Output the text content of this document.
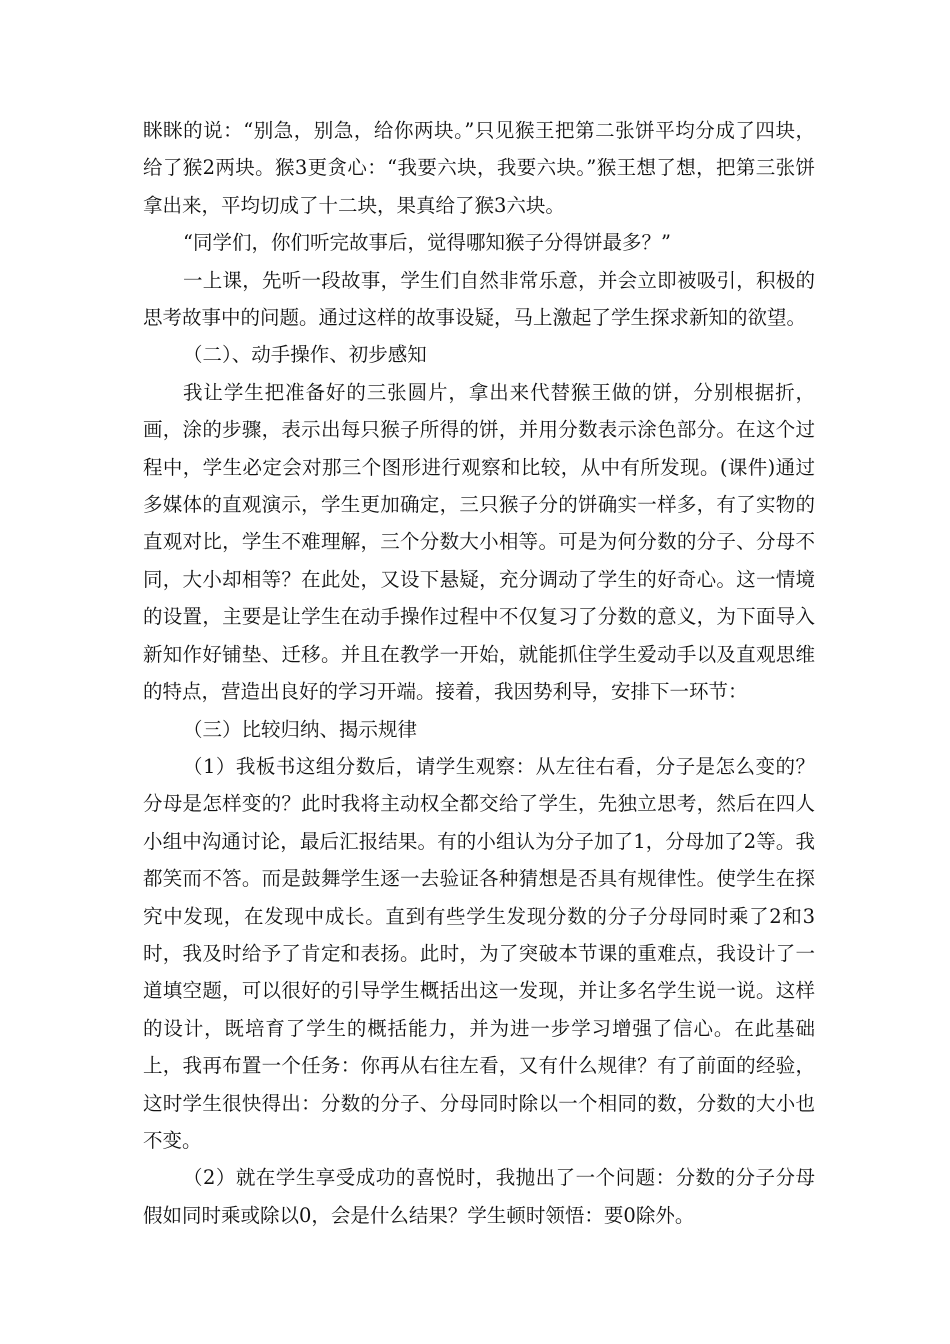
眯眯的说：“别急，别急，给你两块。”只见猴王把第二张饼平均分成了四块，给了猴2两块。猴3更贪心：“我要六块，我要六块。”猴王想了想，把第三张饼拿出来，平均切成了十二块，果真给了猴3六块。

“同学们，你们听完故事后，觉得哪知猴子分得饼最多？”

一上课，先听一段故事，学生们自然非常乐意，并会立即被吸引，积极的思考故事中的问题。通过这样的故事设疑，马上激起了学生探求新知的欲望。

（二）、动手操作、初步感知

我让学生把准备好的三张圆片，拿出来代替猴王做的饼，分别根据折，画，涂的步骤，表示出每只猴子所得的饼，并用分数表示涂色部分。在这个过程中，学生必定会对那三个图形进行观察和比较，从中有所发现。(课件)通过多媒体的直观演示，学生更加确定，三只猴子分的饼确实一样多，有了实物的直观对比，学生不难理解，三个分数大小相等。可是为何分数的分子、分母不同，大小却相等？在此处，又设下悬疑，充分调动了学生的好奇心。这一情境的设置，主要是让学生在动手操作过程中不仅复习了分数的意义，为下面导入新知作好铺垫、迁移。并且在教学一开始，就能抓住学生爱动手以及直观思维的特点，营造出良好的学习开端。接着，我因势利导，安排下一环节：

（三）比较归纳、揭示规律

（1）我板书这组分数后，请学生观察：从左往右看，分子是怎么变的？分母是怎样变的？此时我将主动权全都交给了学生，先独立思考，然后在四人小组中沟通讨论，最后汇报结果。有的小组认为分子加了1，分母加了2等。我都笑而不答。而是鼓舞学生逐一去验证各种猜想是否具有规律性。使学生在探究中发现，在发现中成长。直到有些学生发现分数的分子分母同时乘了2和3时，我及时给予了肯定和表扬。此时，为了突破本节课的重难点，我设计了一道填空题，可以很好的引导学生概括出这一发现，并让多名学生说一说。这样的设计，既培育了学生的概括能力，并为进一步学习增强了信心。在此基础上，我再布置一个任务：你再从右往左看，又有什么规律？有了前面的经验，这时学生很快得出：分数的分子、分母同时除以一个相同的数，分数的大小也不变。

（2）就在学生享受成功的喜悦时，我抛出了一个问题：分数的分子分母假如同时乘或除以0，会是什么结果？学生顿时领悟：要0除外。
